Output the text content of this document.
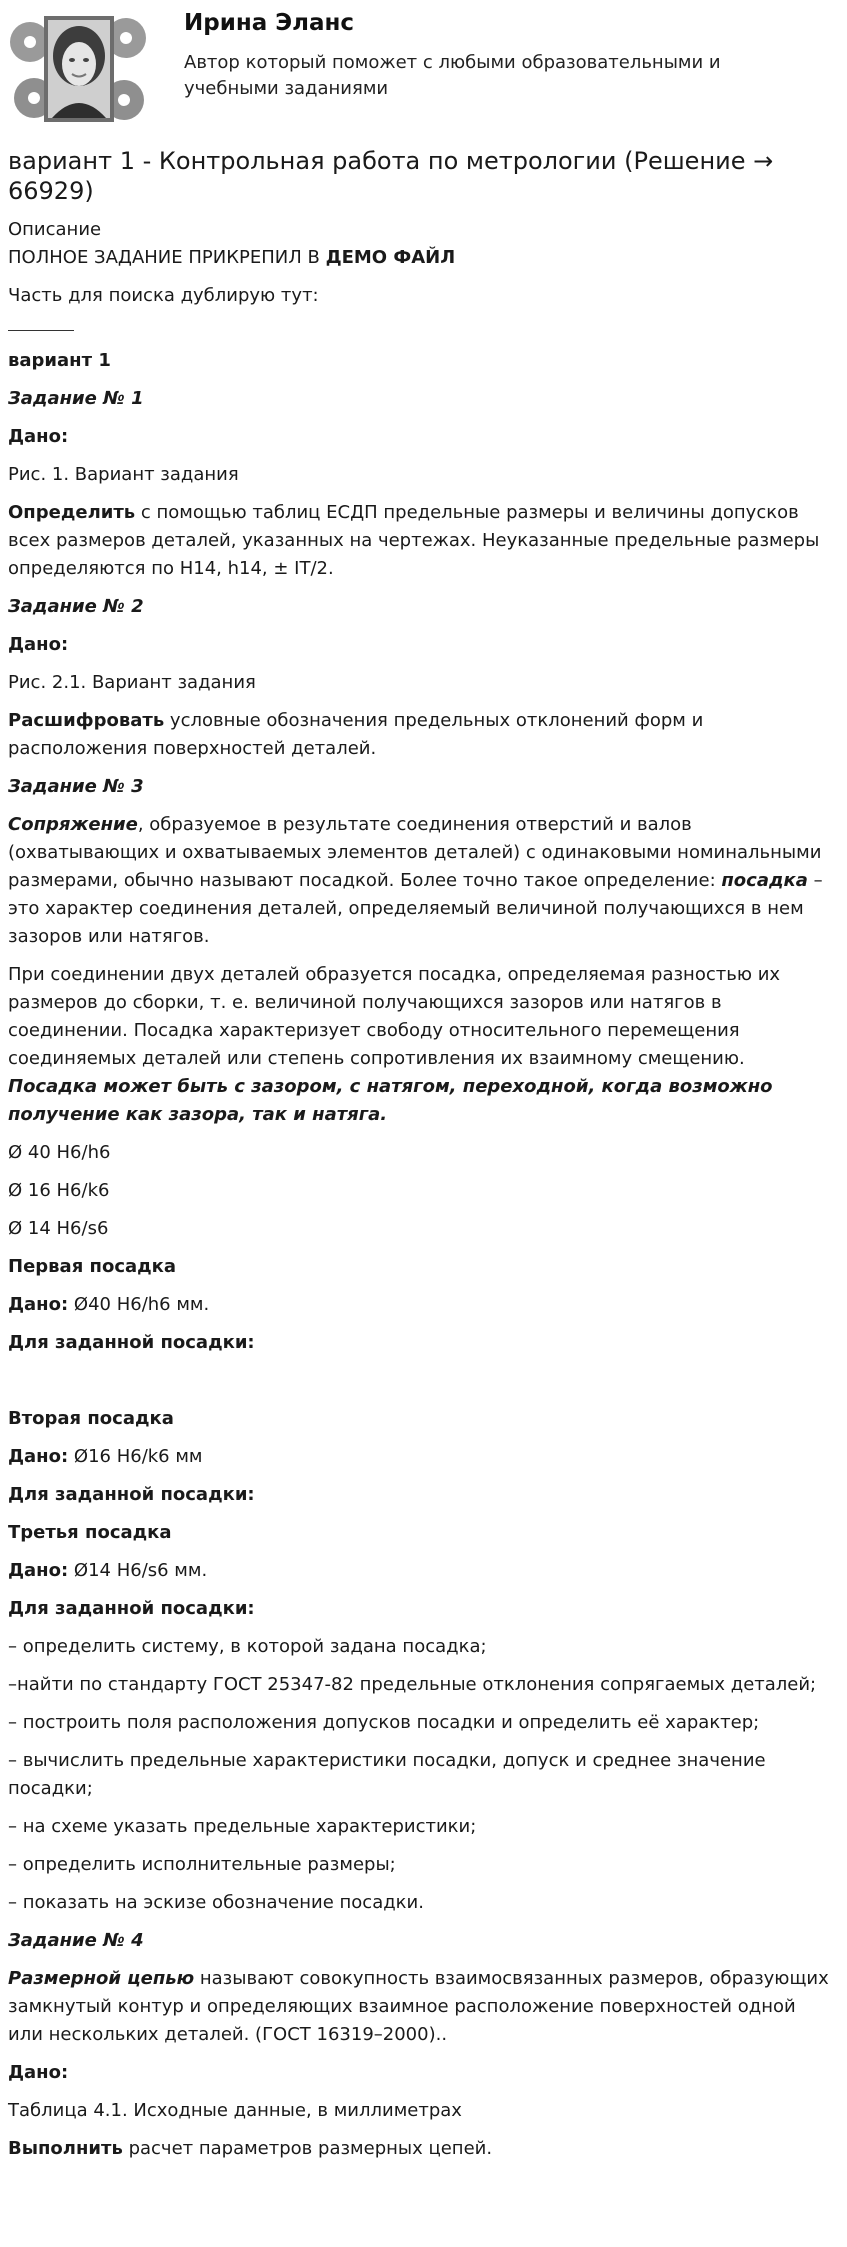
Ирина Эланс
Автор который поможет с любыми образовательными и учебными заданиями
вариант 1 - Контрольная работа по метрологии (Решение → 66929)
Описание
ПОЛНОЕ ЗАДАНИЕ ПРИКРЕПИЛ В ДЕМО ФАЙЛ
Часть для поиска дублирую тут:
вариант 1
Задание № 1
Дано:
Рис. 1. Вариант задания
Определить с помощью таблиц ЕСДП предельные размеры и величины допусков всех размеров деталей, указанных на чертежах. Неуказанные предельные размеры определяются по H14, h14, ± IT/2.
Задание № 2
Дано:
Рис. 2.1. Вариант задания
Расшифровать условные обозначения предельных отклонений форм и расположения поверхностей деталей.
Задание № 3
Сопряжение, образуемое в результате соединения отверстий и валов (охватывающих и охватываемых элементов деталей) с одинаковыми номинальными размерами, обычно называют посадкой. Более точно такое определение: посадка – это характер соединения деталей, определяемый величиной получающихся в нем зазоров или натягов.
При соединении двух деталей образуется посадка, определяемая разностью их размеров до сборки, т. е. величиной получающихся зазоров или натягов в соединении. Посадка характеризует свободу относительного перемещения соединяемых деталей или степень сопротивления их взаимному смещению.
Посадка может быть с зазором, с натягом, переходной, когда возможно получение как зазора, так и натяга.
Ø 40 H6/h6
Ø 16 H6/k6
Ø 14 H6/s6
Первая посадка
Дано: Ø40 H6/h6 мм.
Для заданной посадки:
Вторая посадка
Дано: Ø16 H6/k6 мм
Для заданной посадки:
Третья посадка
Дано: Ø14 H6/s6 мм.
Для заданной посадки:
– определить систему, в которой задана посадка;
–найти по стандарту ГОСТ 25347-82 предельные отклонения сопрягаемых деталей;
– построить поля расположения допусков посадки и определить её характер;
– вычислить предельные характеристики посадки, допуск и среднее значение посадки;
– на схеме указать предельные характеристики;
– определить исполнительные размеры;
– показать на эскизе обозначение посадки.
Задание № 4
Размерной цепью называют совокупность взаимосвязанных размеров, образующих замкнутый контур и определяющих взаимное расположение поверхностей одной или нескольких деталей. (ГОСТ 16319–2000)..
Дано:
Таблица 4.1. Исходные данные, в миллиметрах
Выполнить расчет параметров размерных цепей.
